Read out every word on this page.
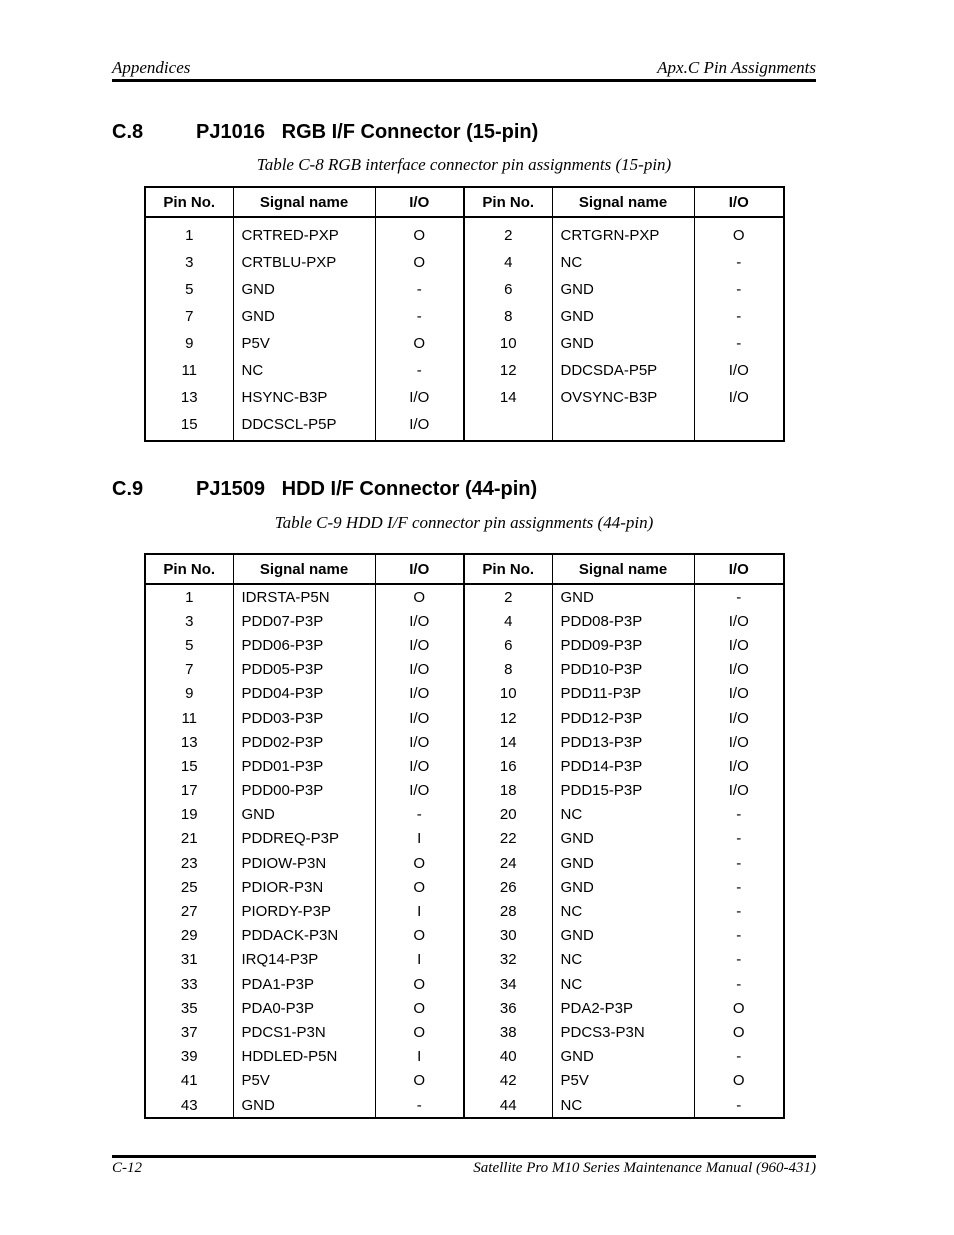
Appendices	Apx.C Pin Assignments
C.8	PJ1016   RGB I/F Connector (15-pin)
Table C-8 RGB interface connector pin assignments (15-pin)
Pin No.	Signal name	I/O	Pin No.	Signal name	I/O
1	CRTRED-PXP	O	2	CRTGRN-PXP	O
3	CRTBLU-PXP	O	4	NC	-
5	GND	-	6	GND	-
7	GND	-	8	GND	-
9	P5V	O	10	GND	-
11	NC	-	12	DDCSDA-P5P	I/O
13	HSYNC-B3P	I/O	14	OVSYNC-B3P	I/O
15	DDCSCL-P5P	I/O			
C.9	PJ1509   HDD I/F Connector (44-pin)
Table C-9 HDD I/F connector pin assignments (44-pin)
Pin No.	Signal name	I/O	Pin No.	Signal name	I/O
1	IDRSTA-P5N	O	2	GND	-
3	PDD07-P3P	I/O	4	PDD08-P3P	I/O
5	PDD06-P3P	I/O	6	PDD09-P3P	I/O
7	PDD05-P3P	I/O	8	PDD10-P3P	I/O
9	PDD04-P3P	I/O	10	PDD11-P3P	I/O
11	PDD03-P3P	I/O	12	PDD12-P3P	I/O
13	PDD02-P3P	I/O	14	PDD13-P3P	I/O
15	PDD01-P3P	I/O	16	PDD14-P3P	I/O
17	PDD00-P3P	I/O	18	PDD15-P3P	I/O
19	GND	-	20	NC	-
21	PDDREQ-P3P	I	22	GND	-
23	PDIOW-P3N	O	24	GND	-
25	PDIOR-P3N	O	26	GND	-
27	PIORDY-P3P	I	28	NC	-
29	PDDACK-P3N	O	30	GND	-
31	IRQ14-P3P	I	32	NC	-
33	PDA1-P3P	O	34	NC	-
35	PDA0-P3P	O	36	PDA2-P3P	O
37	PDCS1-P3N	O	38	PDCS3-P3N	O
39	HDDLED-P5N	I	40	GND	-
41	P5V	O	42	P5V	O
43	GND	-	44	NC	-
C-12	Satellite Pro M10 Series Maintenance Manual (960-431)
